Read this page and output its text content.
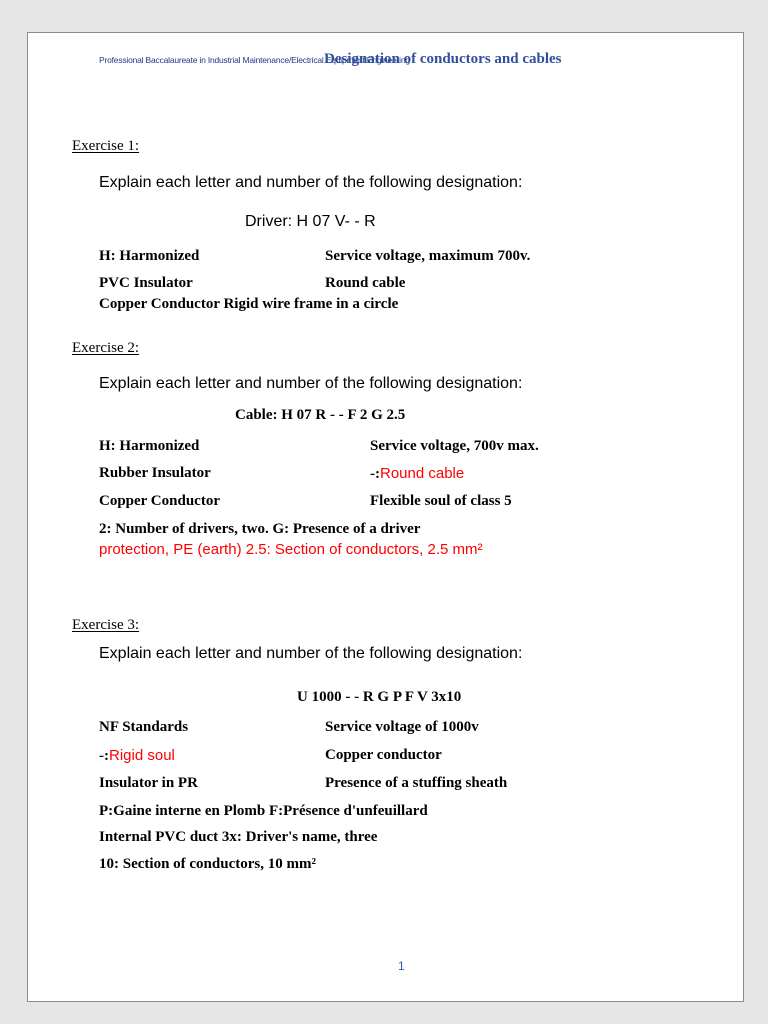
Professional Baccalaureate in Industrial Maintenance/Electrical Equipment Engineering
Designation of conductors and cables
Exercise 1:
Explain each letter and number of the following designation:
Driver: H 07 V- - R
H: Harmonized	Service voltage, maximum 700v.
PVC Insulator	Round cable
Copper Conductor Rigid wire frame in a circle
Exercise 2:
Explain each letter and number of the following designation:
Cable: H 07 R - - F 2 G 2.5
H: Harmonized	Service voltage, 700v max.
Rubber Insulator	-:Round cable
Copper Conductor	Flexible soul of class 5
2: Number of drivers, two. G: Presence of a driver
protection, PE (earth) 2.5: Section of conductors, 2.5 mm²
Exercise 3:
Explain each letter and number of the following designation:
U 1000 - - R G P F V 3x10
NF Standards	Service voltage of 1000v
-:Rigid soul	Copper conductor
Insulator in PR	Presence of a stuffing sheath
P:Gaine interne en Plomb F:Présence d'unfeuillard
Internal PVC duct 3x: Driver's name, three
10: Section of conductors, 10 mm²
1
